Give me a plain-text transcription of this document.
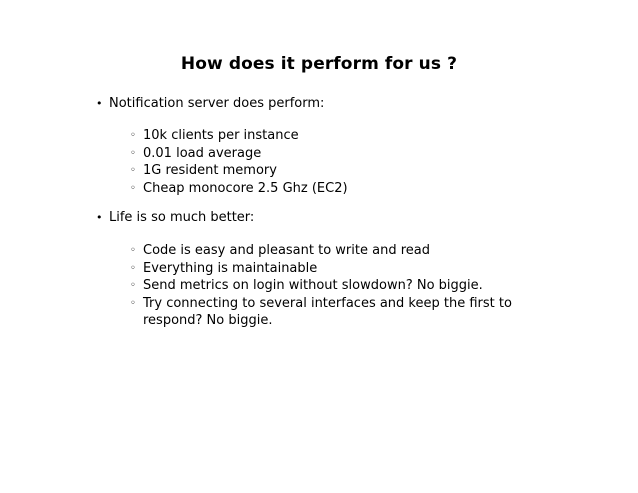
How does it perform for us ?
• Notification server does perform:
◦ 10k clients per instance
◦ 0.01 load average
◦ 1G resident memory
◦ Cheap monocore 2.5 Ghz (EC2)
• Life is so much better:
◦ Code is easy and pleasant to write and read
◦ Everything is maintainable
◦ Send metrics on login without slowdown? No biggie.
◦ Try connecting to several interfaces and keep the first to respond? No biggie.
